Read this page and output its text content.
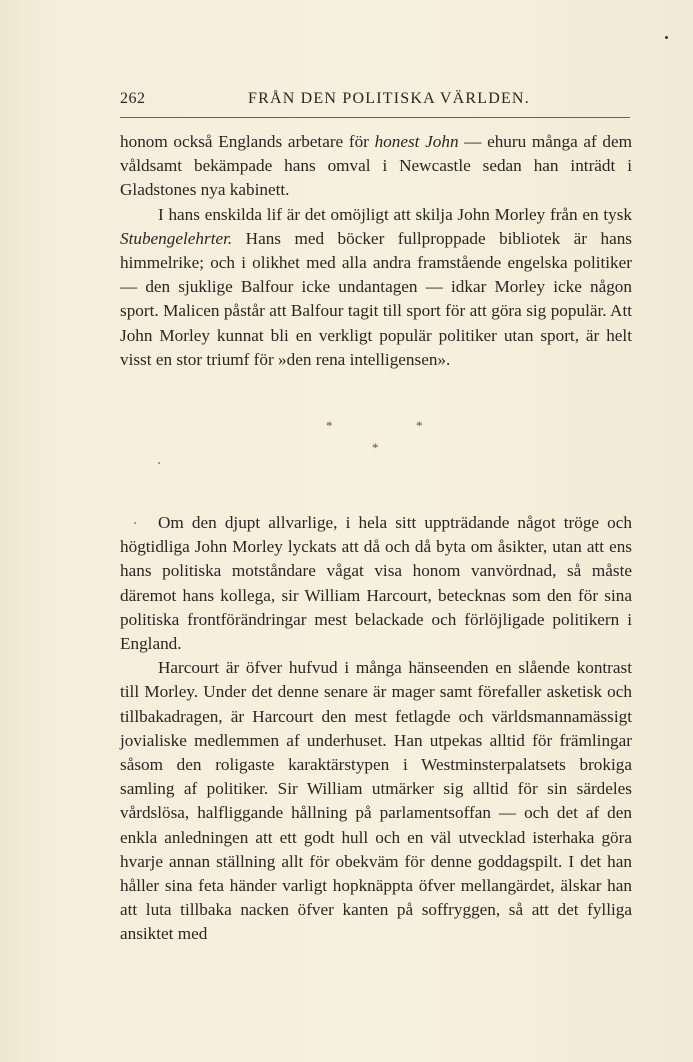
262	FRÅN DEN POLITISKA VÄRLDEN.

honom också Englands arbetare för honest John — ehuru många af dem våldsamt bekämpade hans omval i Newcastle sedan han inträdt i Gladstones nya kabinett.

I hans enskilda lif är det omöjligt att skilja John Morley från en tysk Stubengelehrter. Hans med böcker fullproppade bibliotek är hans himmelrike; och i olikhet med alla andra framstående engelska politiker — den sjuklige Balfour icke undantagen — idkar Morley icke någon sport. Malicen påstår att Balfour tagit till sport för att göra sig populär. Att John Morley kunnat bli en verkligt populär politiker utan sport, är helt visst en stor triumf för »den rena intelligensen».

*	*
*

Om den djupt allvarlige, i hela sitt uppträdande något tröge och högtidliga John Morley lyckats att då och då byta om åsikter, utan att ens hans politiska motståndare vågat visa honom vanvördnad, så måste däremot hans kollega, sir William Harcourt, betecknas som den för sina politiska frontförändringar mest belackade och förlöjligade politikern i England.

Harcourt är öfver hufvud i många hänseenden en slående kontrast till Morley. Under det denne senare är mager samt förefaller asketisk och tillbakadragen, är Harcourt den mest fetlagde och världsmannamässigt jovialiske medlemmen af underhuset. Han utpekas alltid för främlingar såsom den roligaste karaktärstypen i Westminsterpalatsets brokiga samling af politiker. Sir William utmärker sig alltid för sin särdeles vårdslösa, halfliggande hållning på parlamentsoffan — och det af den enkla anledningen att ett godt hull och en väl utvecklad isterhaka göra hvarje annan ställning allt för obekväm för denne goddagspilt. I det han håller sina feta händer varligt hopknäppta öfver mellangärdet, älskar han att luta tillbaka nacken öfver kanten på soffryggen, så att det fylliga ansiktet med
